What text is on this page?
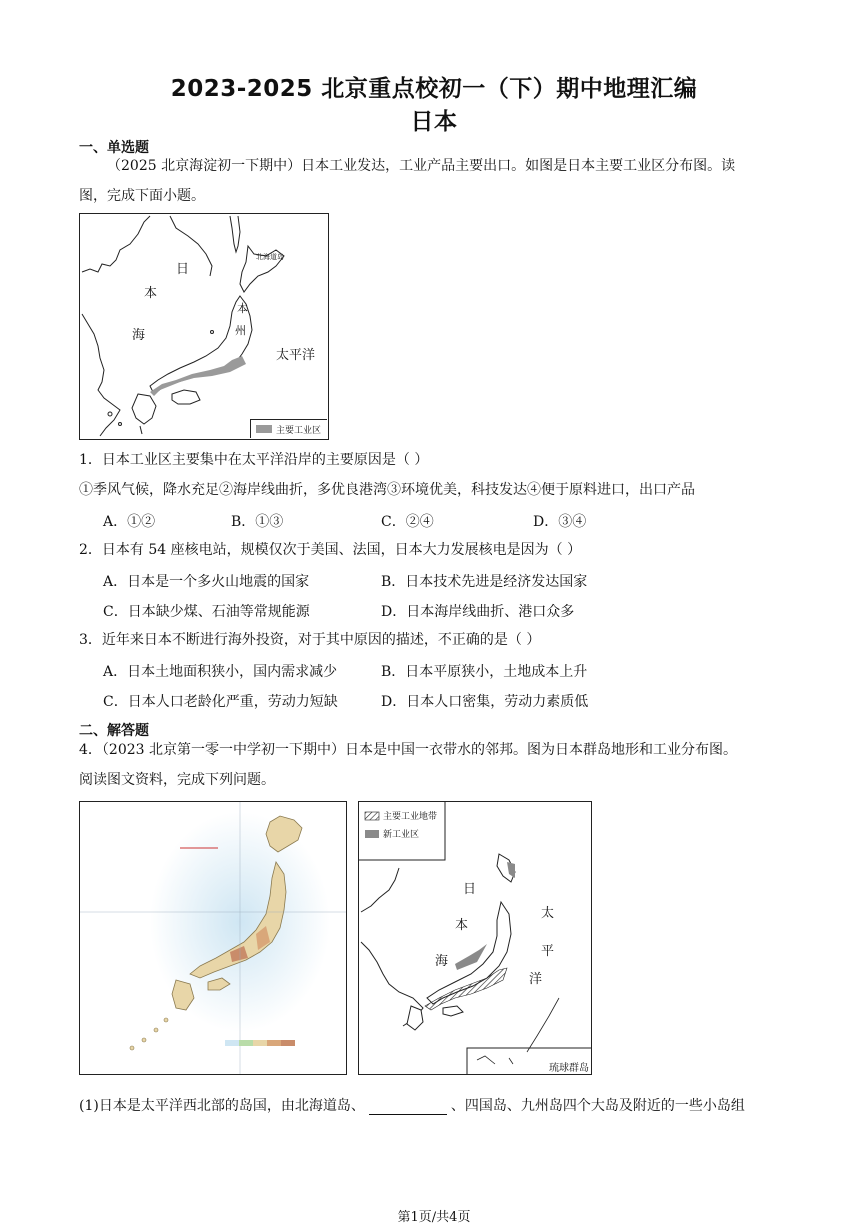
2023-2025 北京重点校初一（下）期中地理汇编
日本
一、单选题
（2025 北京海淀初一下期中）日本工业发达，工业产品主要出口。如图是日本主要工业区分布图。读
图，完成下面小题。
日
本
海
本
州
北海道岛
太平洋
主要工业区
1．日本工业区主要集中在太平洋沿岸的主要原因是（ ）
①季风气候，降水充足②海岸线曲折，多优良港湾③环境优美，科技发达④便于原料进口，出口产品
A．①②	B．①③	C．②④	D．③④
2．日本有 54 座核电站，规模仅次于美国、法国，日本大力发展核电是因为（ ）
A．日本是一个多火山地震的国家	B．日本技术先进是经济发达国家
C．日本缺少煤、石油等常规能源	D．日本海岸线曲折、港口众多
3．近年来日本不断进行海外投资，对于其中原因的描述，不正确的是（ ）
A．日本土地面积狭小，国内需求减少	B．日本平原狭小，土地成本上升
C．日本人口老龄化严重，劳动力短缺	D．日本人口密集，劳动力素质低
二、解答题
4．（2023 北京第一零一中学初一下期中）日本是中国一衣带水的邻邦。图为日本群岛地形和工业分布图。
阅读图文资料，完成下列问题。
主要工业地带
新工业区
日
本
海
太
平
洋
琉球群岛
(1)日本是太平洋西北部的岛国，由北海道岛、	、四国岛、九州岛四个大岛及附近的一些小岛组
第1页/共4页
